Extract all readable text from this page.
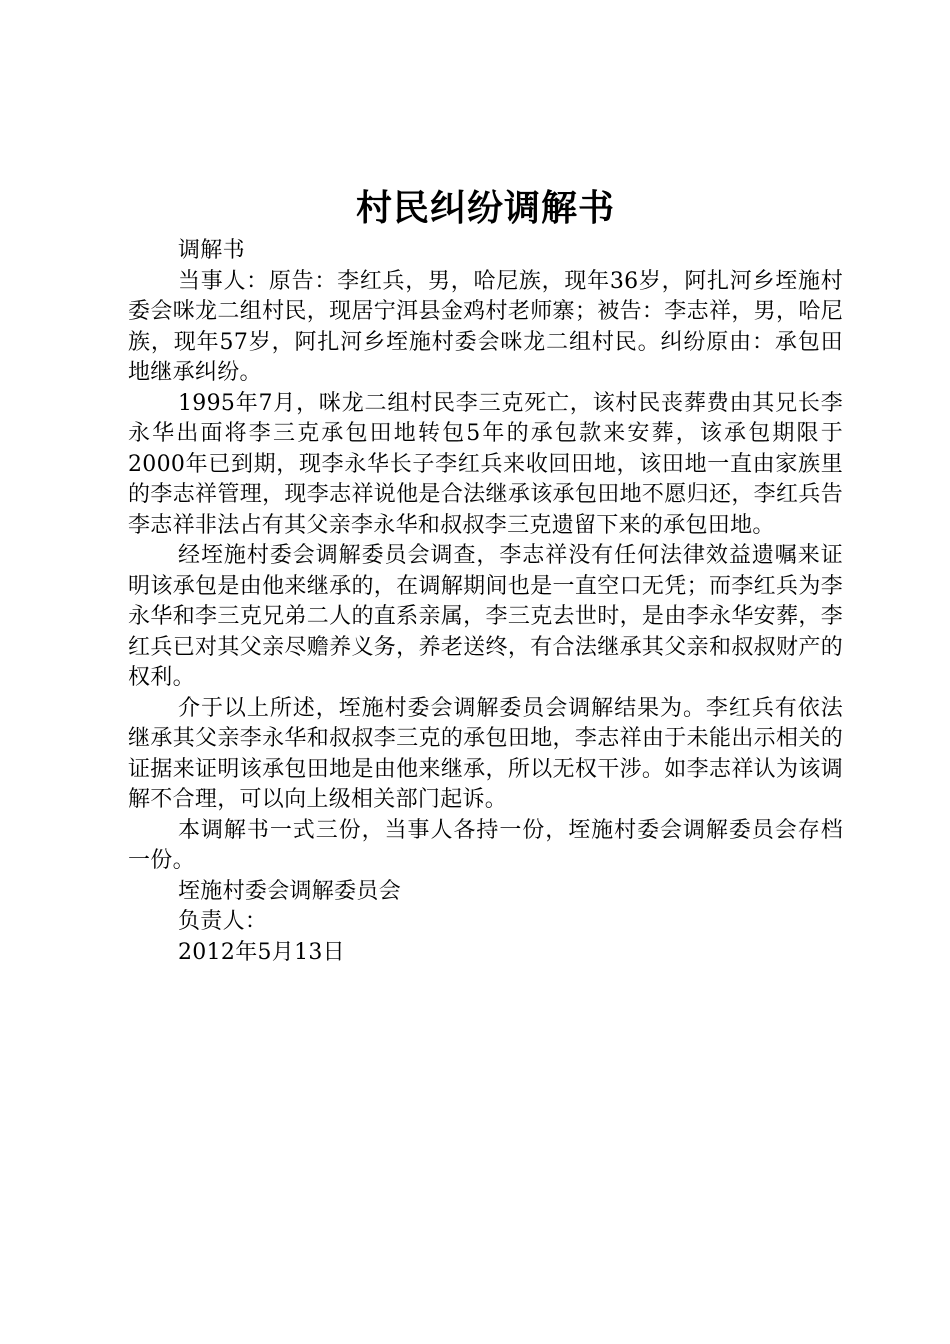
村民纠纷调解书

调解书

当事人：原告：李红兵，男，哈尼族，现年36岁，阿扎河乡垤施村委会咪龙二组村民，现居宁洱县金鸡村老师寨；被告：李志祥，男，哈尼族，现年57岁，阿扎河乡垤施村委会咪龙二组村民。纠纷原由：承包田地继承纠纷。

1995年7月，咪龙二组村民李三克死亡，该村民丧葬费由其兄长李永华出面将李三克承包田地转包5年的承包款来安葬，该承包期限于2000年已到期，现李永华长子李红兵来收回田地，该田地一直由家族里的李志祥管理，现李志祥说他是合法继承该承包田地不愿归还，李红兵告李志祥非法占有其父亲李永华和叔叔李三克遗留下来的承包田地。

经垤施村委会调解委员会调查，李志祥没有任何法律效益遗嘱来证明该承包是由他来继承的，在调解期间也是一直空口无凭；而李红兵为李永华和李三克兄弟二人的直系亲属，李三克去世时，是由李永华安葬，李红兵已对其父亲尽赡养义务，养老送终，有合法继承其父亲和叔叔财产的权利。

介于以上所述，垤施村委会调解委员会调解结果为。李红兵有依法继承其父亲李永华和叔叔李三克的承包田地，李志祥由于未能出示相关的证据来证明该承包田地是由他来继承，所以无权干涉。如李志祥认为该调解不合理，可以向上级相关部门起诉。

本调解书一式三份，当事人各持一份，垤施村委会调解委员会存档一份。

垤施村委会调解委员会

负责人：

2012年5月13日
